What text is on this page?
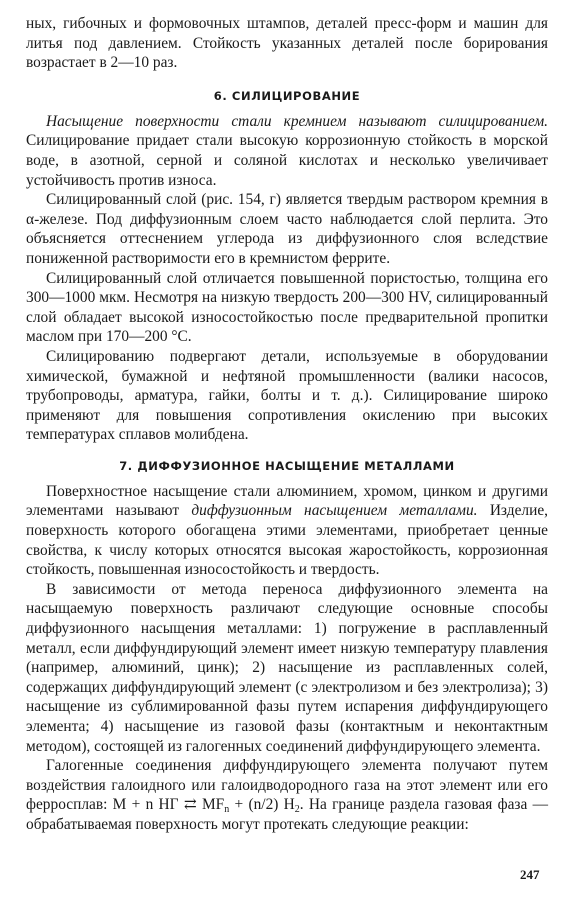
ных, гибочных и формовочных штампов, деталей пресс-форм и машин для литья под давлением. Стойкость указанных деталей после борирования возрастает в 2—10 раз.

6. СИЛИЦИРОВАНИЕ

Насыщение поверхности стали кремнием называют силицированием. Силицирование придает стали высокую коррозионную стойкость в морской воде, в азотной, серной и соляной кислотах и несколько увеличивает устойчивость против износа.

Силицированный слой (рис. 154, г) является твердым раствором кремния в α-железе. Под диффузионным слоем часто наблюдается слой перлита. Это объясняется оттеснением углерода из диффузионного слоя вследствие пониженной растворимости его в кремнистом феррите.

Силицированный слой отличается повышенной пористостью, толщина его 300—1000 мкм. Несмотря на низкую твердость 200—300 HV, силицированный слой обладает высокой износостойкостью после предварительной пропитки маслом при 170—200 °С.

Силицированию подвергают детали, используемые в оборудовании химической, бумажной и нефтяной промышленности (валики насосов, трубопроводы, арматура, гайки, болты и т. д.). Силицирование широко применяют для повышения сопротивления окислению при высоких температурах сплавов молибдена.

7. ДИФФУЗИОННОЕ НАСЫЩЕНИЕ МЕТАЛЛАМИ

Поверхностное насыщение стали алюминием, хромом, цинком и другими элементами называют диффузионным насыщением металлами. Изделие, поверхность которого обогащена этими элементами, приобретает ценные свойства, к числу которых относятся высокая жаростойкость, коррозионная стойкость, повышенная износостойкость и твердость.

В зависимости от метода переноса диффузионного элемента на насыщаемую поверхность различают следующие основные способы диффузионного насыщения металлами: 1) погружение в расплавленный металл, если диффундирующий элемент имеет низкую температуру плавления (например, алюминий, цинк); 2) насыщение из расплавленных солей, содержащих диффундирующий элемент (с электролизом и без электролиза); 3) насыщение из сублимированной фазы путем испарения диффундирующего элемента; 4) насыщение из газовой фазы (контактным и неконтактным методом), состоящей из галогенных соединений диффундирующего элемента.

Галогенные соединения диффундирующего элемента получают путем воздействия галоидного или галоидводородного газа на этот элемент или его ферросплав: М + n НГ ⇄ $МF_n + (n/2)$ $Н_2$. На границе раздела газовая фаза — обрабатываемая поверхность могут протекать следующие реакции:

247
